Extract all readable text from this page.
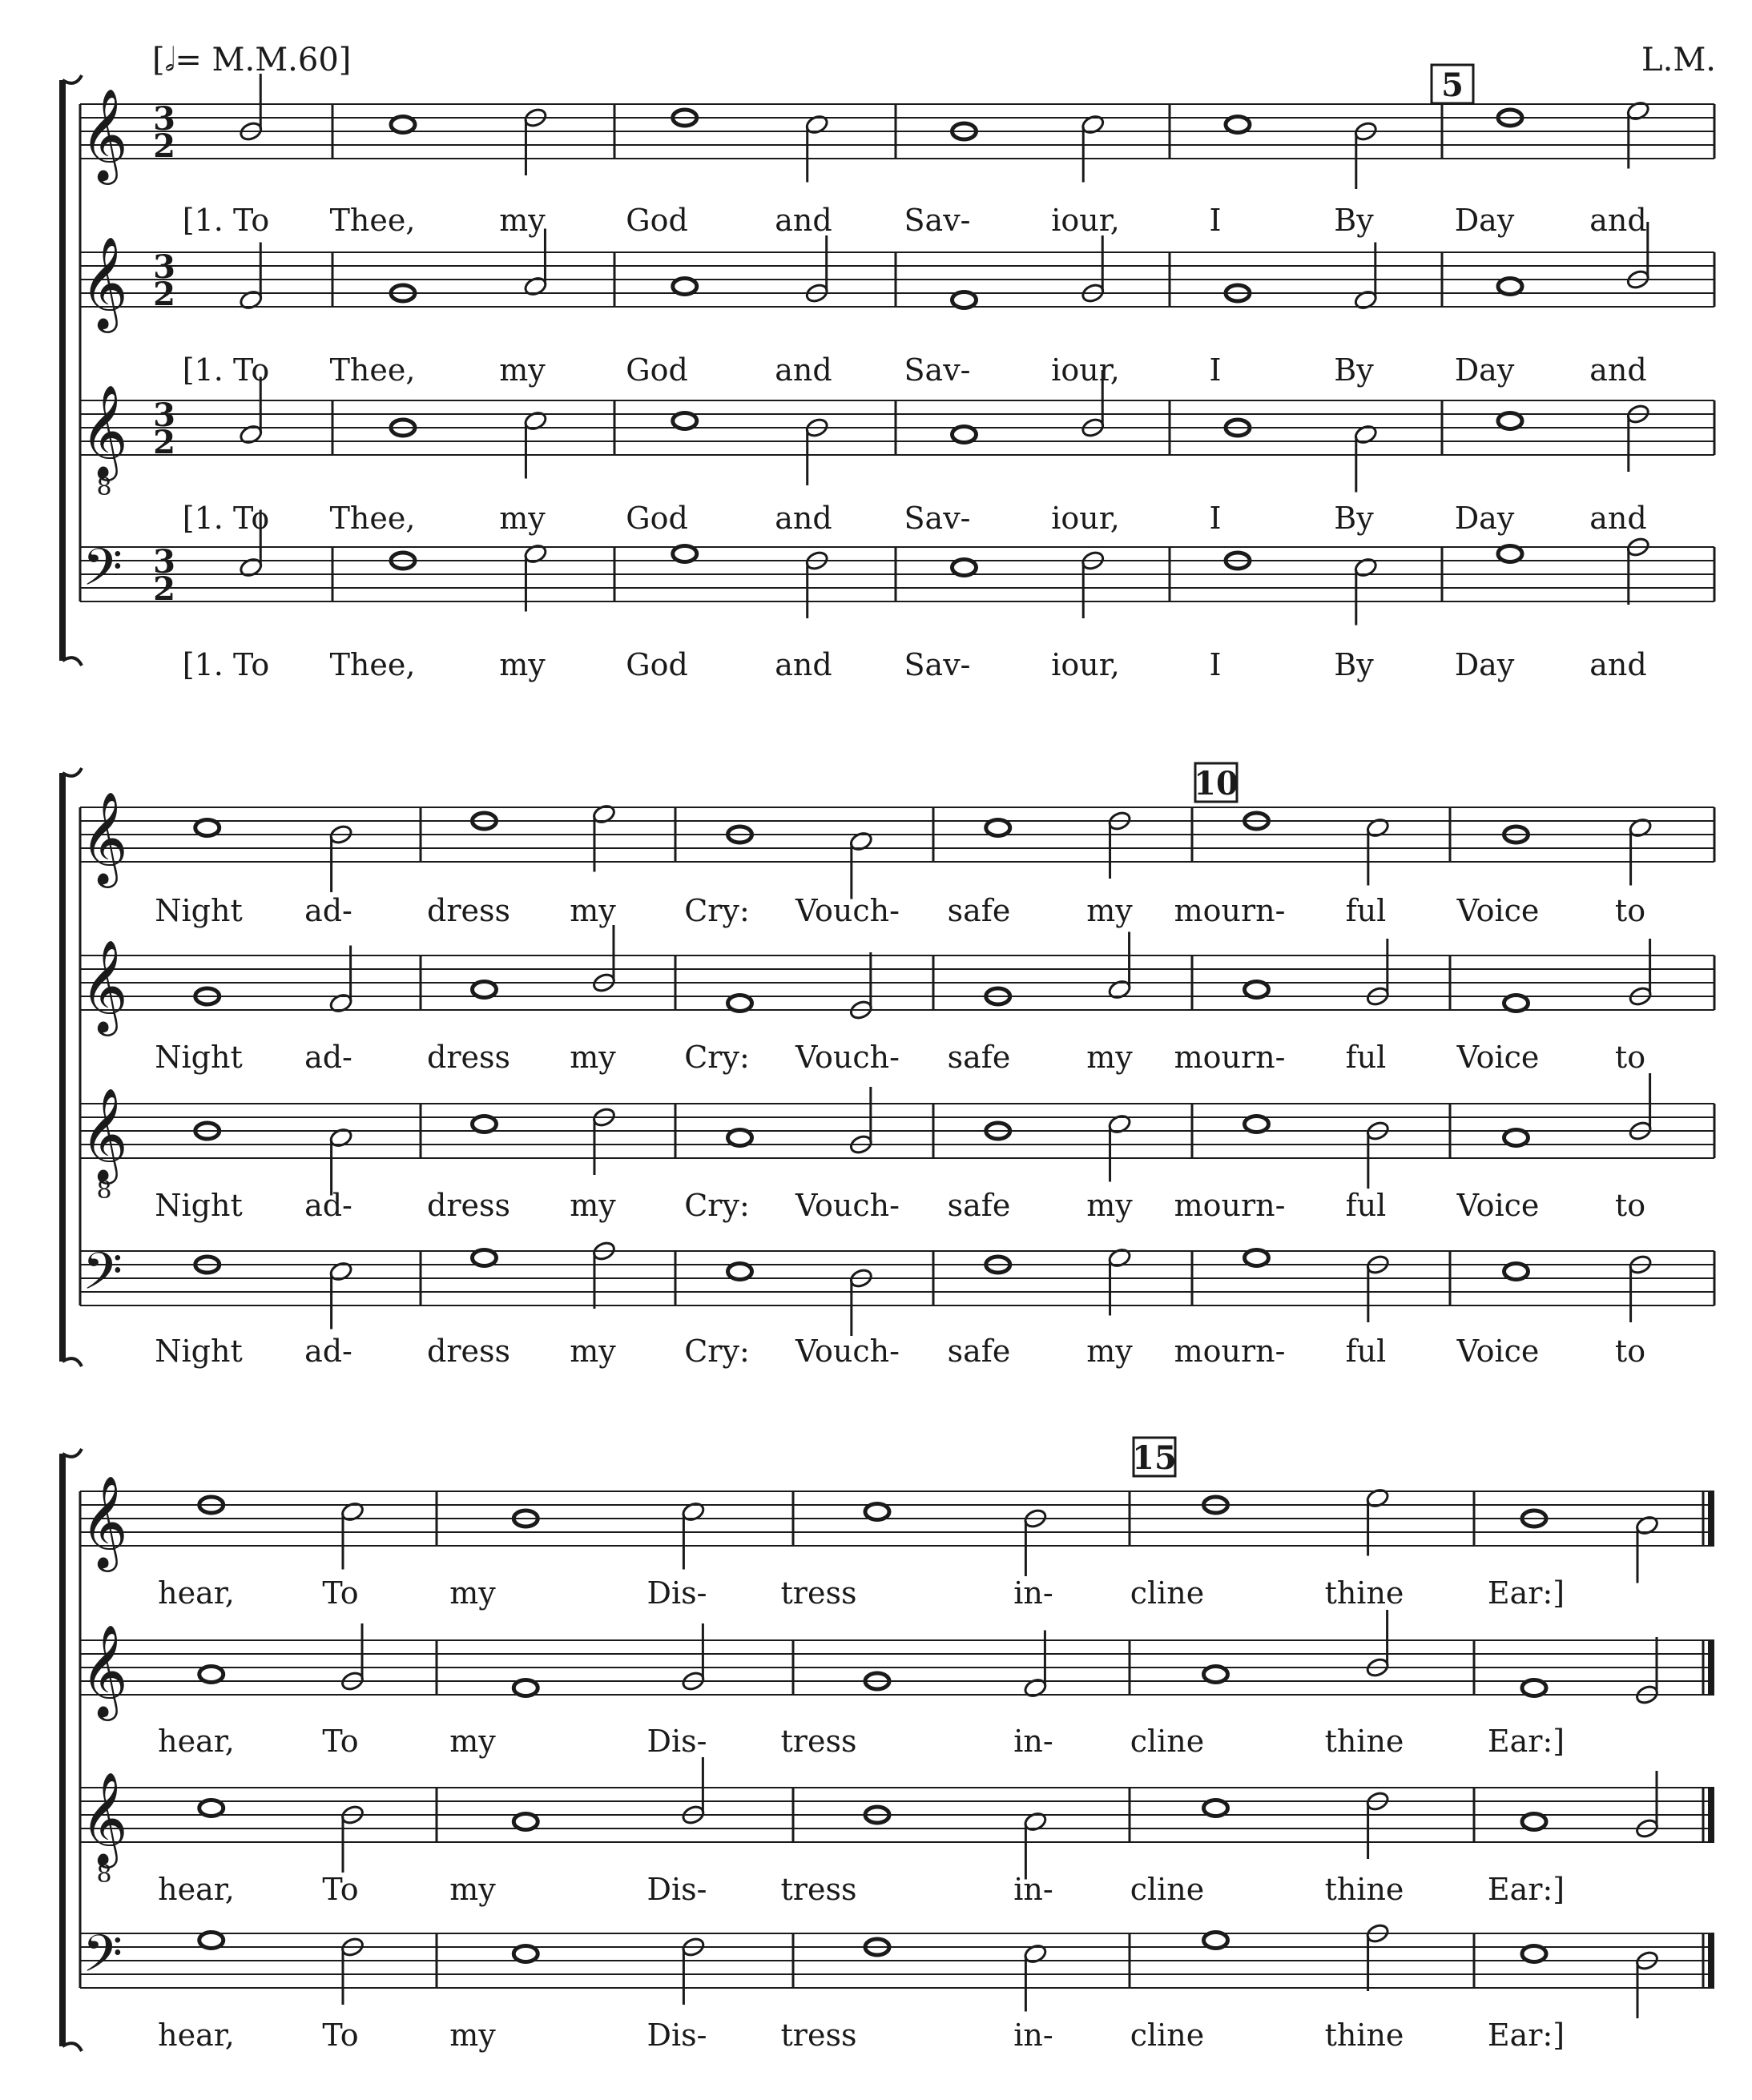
[𝅗𝅥= M.M.60]	L.M.
5
10
15
𝄞 3
2
[1. To Thee,	my	God	and Sav-	iour,	I	By	Day and
𝄞 3
2
[1. To Thee,	my	God	and Sav-	iour,	I	By	Day and
𝄞
8
3
2
[1. To Thee,	my	God	and Sav-	iour,	I	By	Day and
𝄢 3
2
[1. To Thee,	my	God	and Sav-	iour,	I	By	Day and
𝄞
Night ad- dress my Cry: Vouch- safe my mourn- ful Voice to
𝄞
Night ad- dress my Cry: Vouch- safe my mourn- ful Voice to
𝄞
8 Night ad- dress my Cry: Vouch- safe my mourn- ful Voice to
𝄢
Night ad- dress my Cry: Vouch- safe my mourn- ful Voice to
𝄞
hear,	To	my	Dis- tress	in-	cline	thine	Ear:]
𝄞
hear,	To	my	Dis- tress	in-	cline	thine	Ear:]
𝄞
8 hear,	To	my	Dis- tress	in-	cline	thine	Ear:]
𝄢
hear,	To	my	Dis- tress	in-	cline	thine	Ear:]
